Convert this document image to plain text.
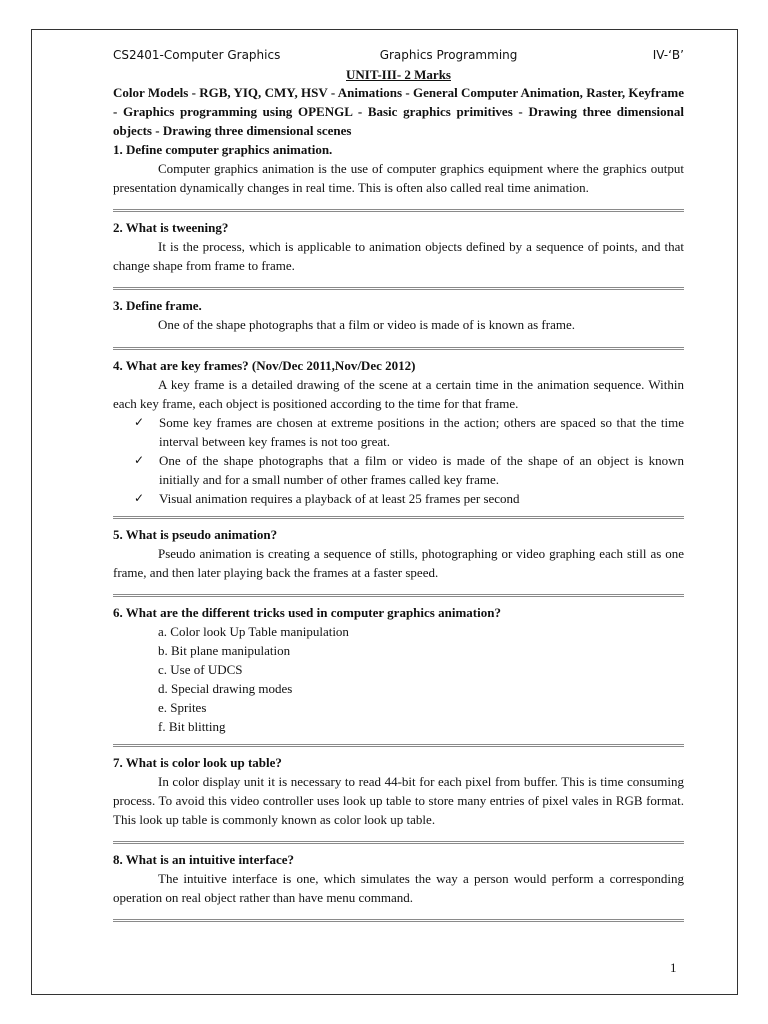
CS2401-Computer Graphics	Graphics Programming	IV-‘B’
UNIT-III- 2 Marks

Color Models - RGB, YIQ, CMY, HSV - Animations - General Computer Animation, Raster, Keyframe - Graphics programming using OPENGL - Basic graphics primitives - Drawing three dimensional objects - Drawing three dimensional scenes

1. Define computer graphics animation.

Computer graphics animation is the use of computer graphics equipment where the graphics output presentation dynamically changes in real time. This is often also called real time animation.

2. What is tweening?

It is the process, which is applicable to animation objects defined by a sequence of points, and that change shape from frame to frame.

3. Define frame.

One of the shape photographs that a film or video is made of is known as frame.

4. What are key frames? (Nov/Dec 2011,Nov/Dec 2012)

A key frame is a detailed drawing of the scene at a certain time in the animation sequence. Within each key frame, each object is positioned according to the time for that frame.

✓ Some key frames are chosen at extreme positions in the action; others are spaced so that the time interval between key frames is not too great.
✓ One of the shape photographs that a film or video is made of the shape of an object is known initially and for a small number of other frames called key frame.
✓ Visual animation requires a playback of at least 25 frames per second

5. What is pseudo animation?

Pseudo animation is creating a sequence of stills, photographing or video graphing each still as one frame, and then later playing back the frames at a faster speed.

6. What are the different tricks used in computer graphics animation?

a. Color look Up Table manipulation
b. Bit plane manipulation
c. Use of UDCS
d. Special drawing modes
e. Sprites
f. Bit blitting

7. What is color look up table?

In color display unit it is necessary to read 44-bit for each pixel from buffer. This is time consuming process. To avoid this video controller uses look up table to store many entries of pixel vales in RGB format. This look up table is commonly known as color look up table.

8. What is an intuitive interface?

The intuitive interface is one, which simulates the way a person would perform a corresponding operation on real object rather than have menu command.

1
